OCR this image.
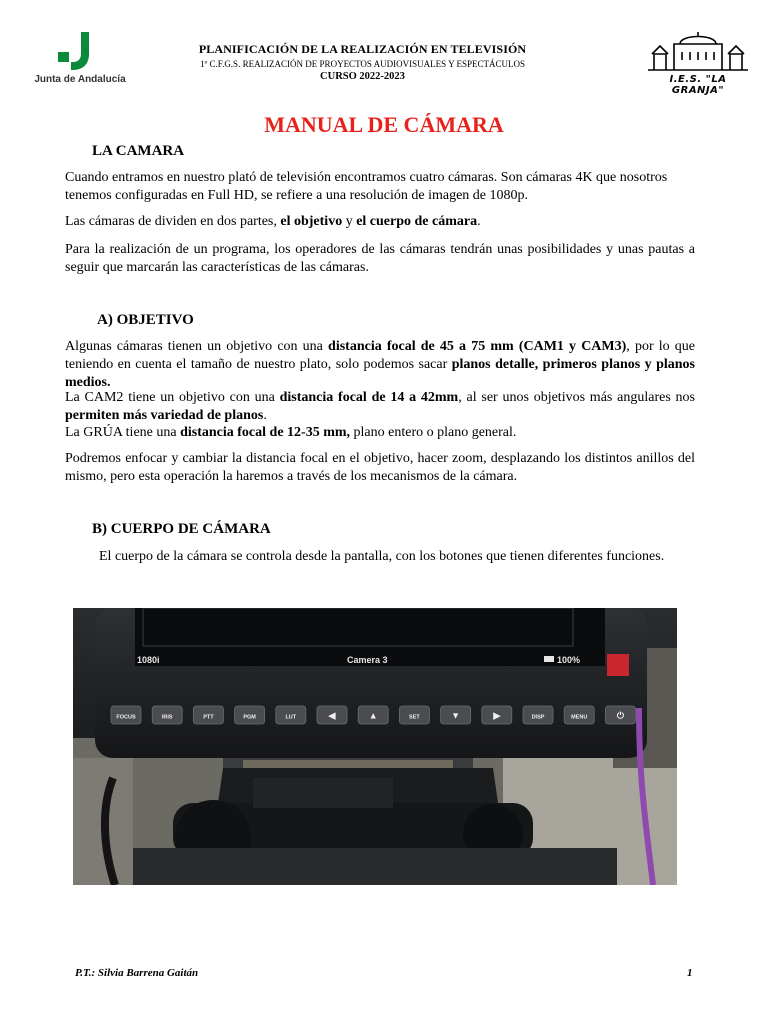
Junta de Andalucía
PLANIFICACIÓN DE LA REALIZACIÓN EN TELEVISIÓN
1º C.F.G.S. REALIZACIÓN DE PROYECTOS AUDIOVISUALES Y ESPECTÁCULOS
CURSO 2022-2023	I.E.S. "LA GRANJA"
MANUAL DE CÁMARA
LA CAMARA
Cuando entramos en nuestro plató de televisión encontramos cuatro cámaras. Son cámaras 4K que nosotros tenemos configuradas en Full HD, se refiere a una resolución de imagen de 1080p.
Las cámaras de dividen en dos partes, el objetivo y el cuerpo de cámara.
Para la realización de un programa, los operadores de las cámaras tendrán unas posibilidades y unas pautas a seguir que marcarán las características de las cámaras.
A) OBJETIVO
Algunas cámaras tienen un objetivo con una distancia focal de 45 a 75 mm (CAM1 y CAM3), por lo que teniendo en cuenta el tamaño de nuestro plato, solo podemos sacar planos detalle, primeros planos y planos medios.
La CAM2 tiene un objetivo con una distancia focal de 14 a 42mm, al ser unos objetivos más angulares nos permiten más variedad de planos.
La GRÚA tiene una distancia focal de 12-35 mm, plano entero o plano general.
Podremos enfocar y cambiar la distancia focal en el objetivo, hacer zoom, desplazando los distintos anillos del mismo, pero esta operación la haremos a través de los mecanismos de la cámara.
B) CUERPO DE CÁMARA
El cuerpo de la cámara se controla desde la pantalla, con los botones que tienen diferentes funciones.
1080i	Camera 3	100%
FOCUS	IRIS	PTT	PGM	LUT	◀	▲	SET	▼	▶	DISP	MENU	⏻
P.T.: Silvia Barrena Gaitán	1
